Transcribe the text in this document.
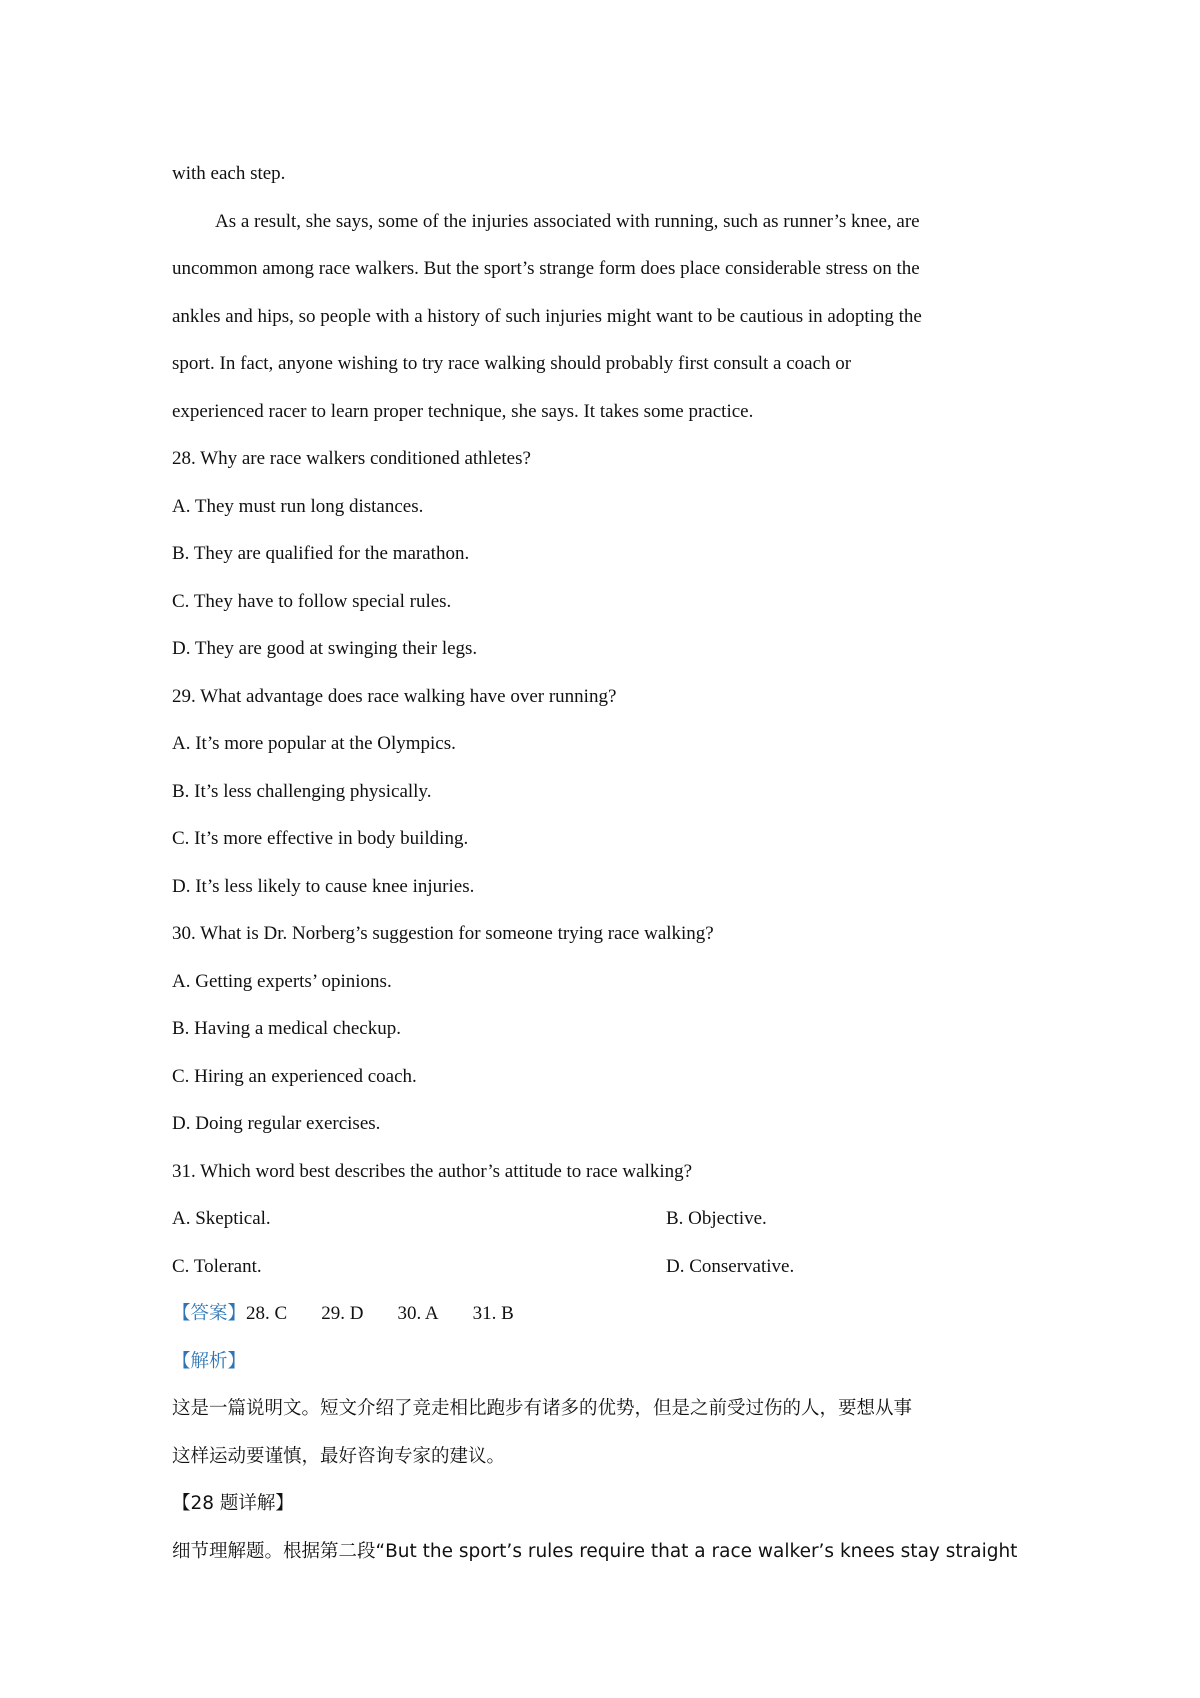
with each step.
As a result, she says, some of the injuries associated with running, such as runner’s knee, are
uncommon among race walkers. But the sport’s strange form does place considerable stress on the
ankles and hips, so people with a history of such injuries might want to be cautious in adopting the
sport. In fact, anyone wishing to try race walking should probably first consult a coach or
experienced racer to learn proper technique, she says. It takes some practice.
28. Why are race walkers conditioned athletes?
A. They must run long distances.
B. They are qualified for the marathon.
C. They have to follow special rules.
D. They are good at swinging their legs.
29. What advantage does race walking have over running?
A. It’s more popular at the Olympics.
B. It’s less challenging physically.
C. It’s more effective in body building.
D. It’s less likely to cause knee injuries.
30. What is Dr. Norberg’s suggestion for someone trying race walking?
A. Getting experts’ opinions.
B. Having a medical checkup.
C. Hiring an experienced coach.
D. Doing regular exercises.
31. Which word best describes the author’s attitude to race walking?
A. Skeptical.	B. Objective.
C. Tolerant.	D. Conservative.
【答案】28. C 29. D 30. A 31. B
【解析】
这是一篇说明文。短文介绍了竞走相比跑步有诸多的优势，但是之前受过伤的人，要想从事
这样运动要谨慎，最好咨询专家的建议。
【28 题详解】
细节理解题。根据第二段“But the sport’s rules require that a race walker’s knees stay straight
